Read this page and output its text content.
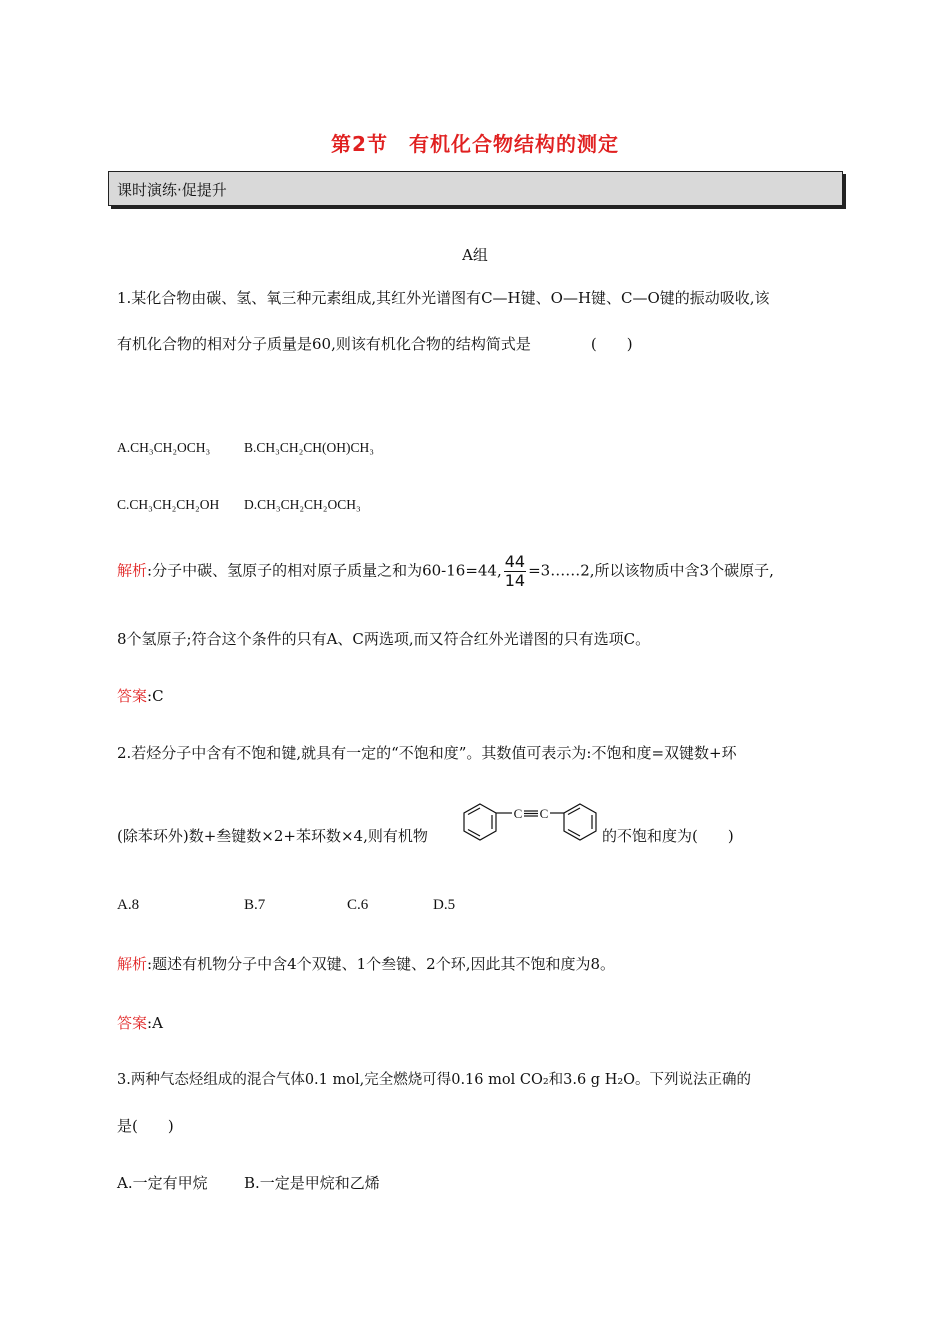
第2节　有机化合物结构的测定
课时演练·促提升
A组
1.某化合物由碳、氢、氧三种元素组成,其红外光谱图有C—H键、O—H键、C—O键的振动吸收,该
有机化合物的相对分子质量是60,则该有机化合物的结构简式是　　　　(　　)
A.CH₃CH₂OCH₃ B.CH₃CH₂CH(OH)CH₃
C.CH₃CH₂CH₂OH D.CH₃CH₂CH₂OCH₃
解析:分子中碳、氢原子的相对原子质量之和为60-16=44, $\frac{44}{14}$ =3……2,所以该物质中含3个碳原子,
8个氢原子;符合这个条件的只有A、C两选项,而又符合红外光谱图的只有选项C。
答案:C
2.若烃分子中含有不饱和键,就具有一定的“不饱和度”。其数值可表示为:不饱和度=双键数+环
(除苯环外)数+叁键数×2+苯环数×4,则有机物
C C
的不饱和度为(　　)
A.8	B.7	C.6	D.5
解析:题述有机物分子中含4个双键、1个叁键、2个环,因此其不饱和度为8。
答案:A
3.两种气态烃组成的混合气体0.1 mol,完全燃烧可得0.16 mol CO₂和3.6 g H₂O。下列说法正确的
是(　　)
A.一定有甲烷 B.一定是甲烷和乙烯
